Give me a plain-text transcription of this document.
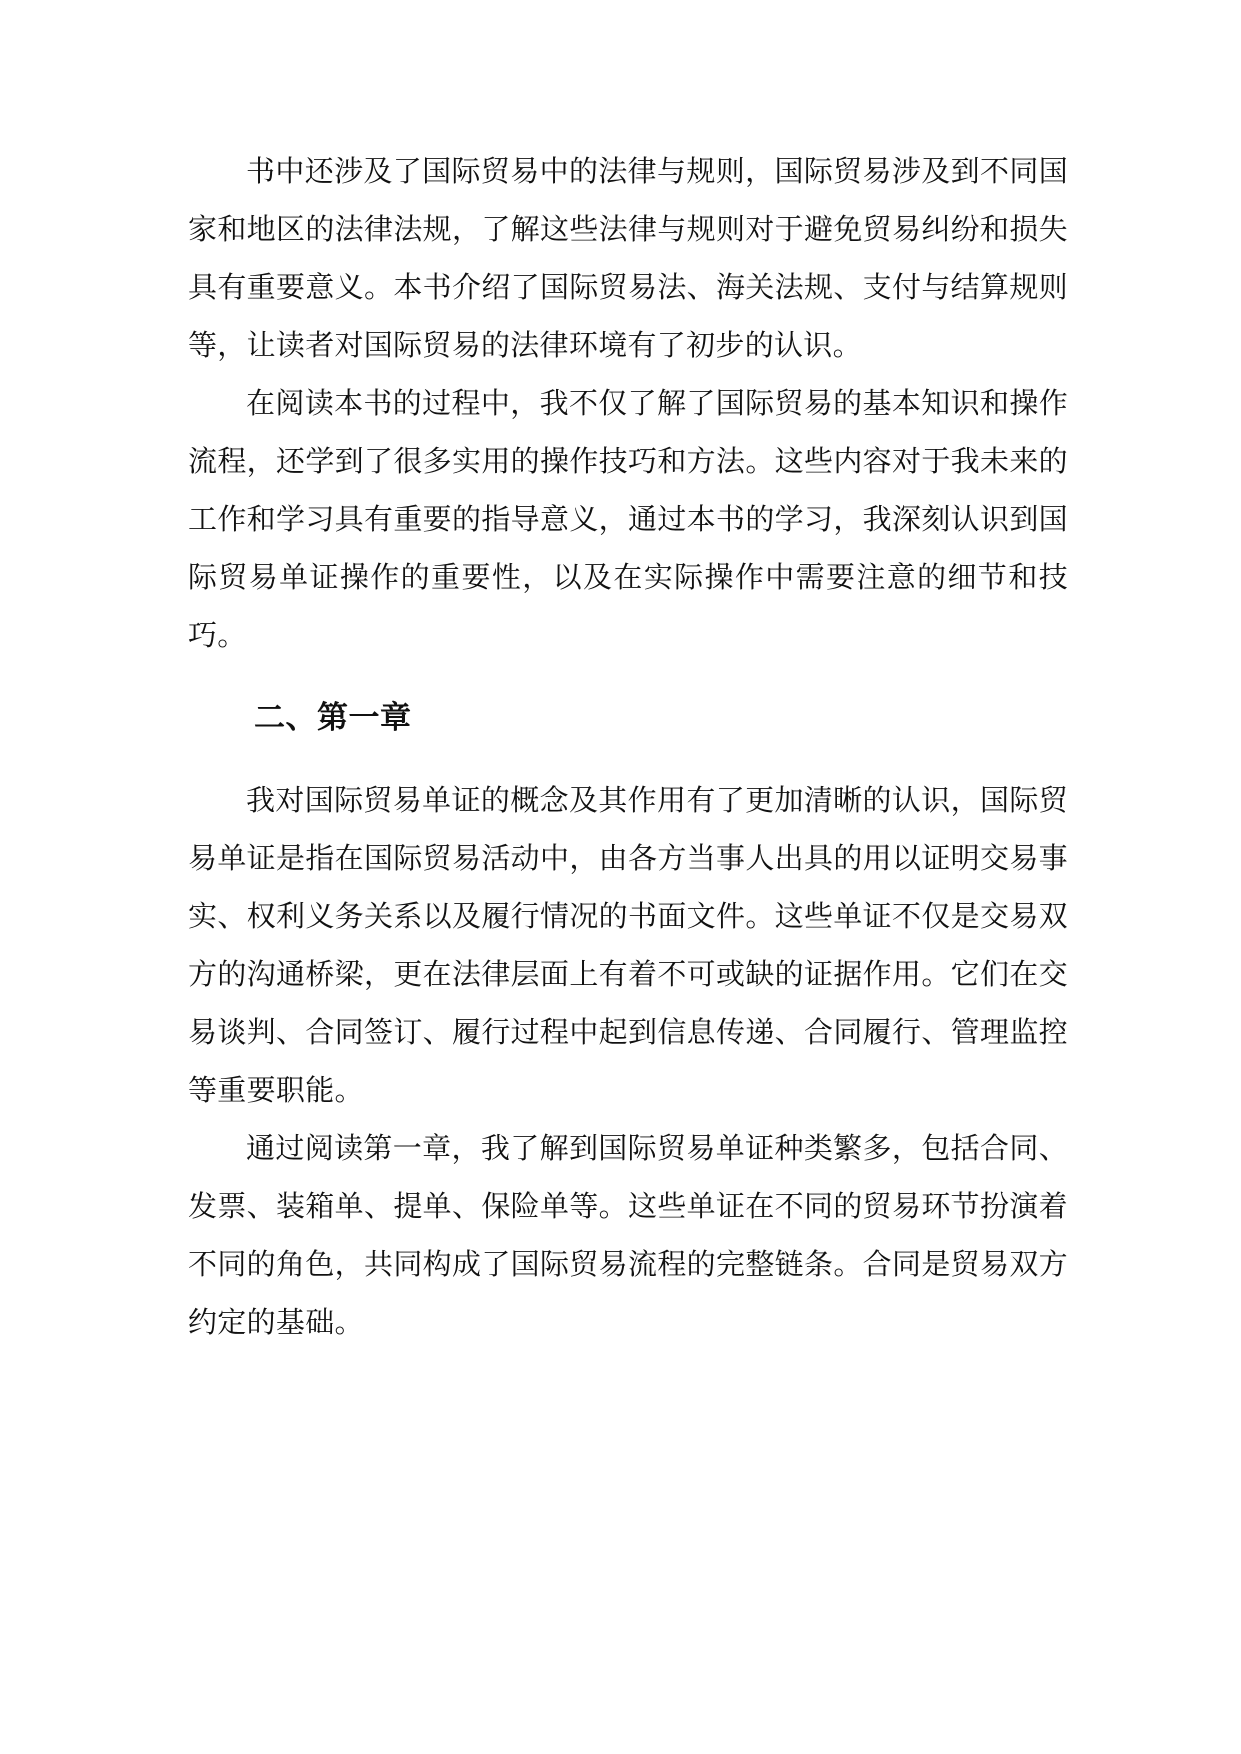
书中还涉及了国际贸易中的法律与规则，国际贸易涉及到不同国家和地区的法律法规，了解这些法律与规则对于避免贸易纠纷和损失具有重要意义。本书介绍了国际贸易法、海关法规、支付与结算规则等，让读者对国际贸易的法律环境有了初步的认识。

在阅读本书的过程中，我不仅了解了国际贸易的基本知识和操作流程，还学到了很多实用的操作技巧和方法。这些内容对于我未来的工作和学习具有重要的指导意义，通过本书的学习，我深刻认识到国际贸易单证操作的重要性，以及在实际操作中需要注意的细节和技巧。

二、第一章

我对国际贸易单证的概念及其作用有了更加清晰的认识，国际贸易单证是指在国际贸易活动中，由各方当事人出具的用以证明交易事实、权利义务关系以及履行情况的书面文件。这些单证不仅是交易双方的沟通桥梁，更在法律层面上有着不可或缺的证据作用。它们在交易谈判、合同签订、履行过程中起到信息传递、合同履行、管理监控等重要职能。

通过阅读第一章，我了解到国际贸易单证种类繁多，包括合同、发票、装箱单、提单、保险单等。这些单证在不同的贸易环节扮演着不同的角色，共同构成了国际贸易流程的完整链条。合同是贸易双方约定的基础。
